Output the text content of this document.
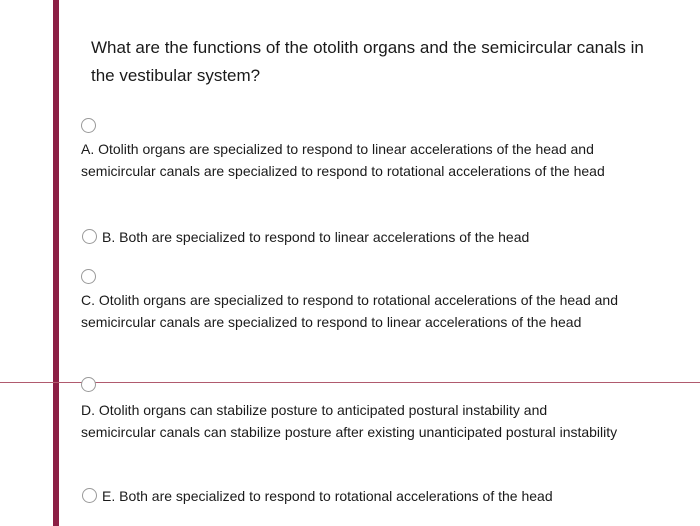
What are the functions of the otolith organs and the semicircular canals in the vestibular system?
A. Otolith organs are specialized to respond to linear accelerations of the head and semicircular canals are specialized to respond to rotational accelerations of the head
B. Both are specialized to respond to linear accelerations of the head
C. Otolith organs are specialized to respond to rotational accelerations of the head and semicircular canals are specialized to respond to linear accelerations of the head
D. Otolith organs can stabilize posture to anticipated postural instability and semicircular canals can stabilize posture after existing unanticipated postural instability
E. Both are specialized to respond to rotational accelerations of the head
